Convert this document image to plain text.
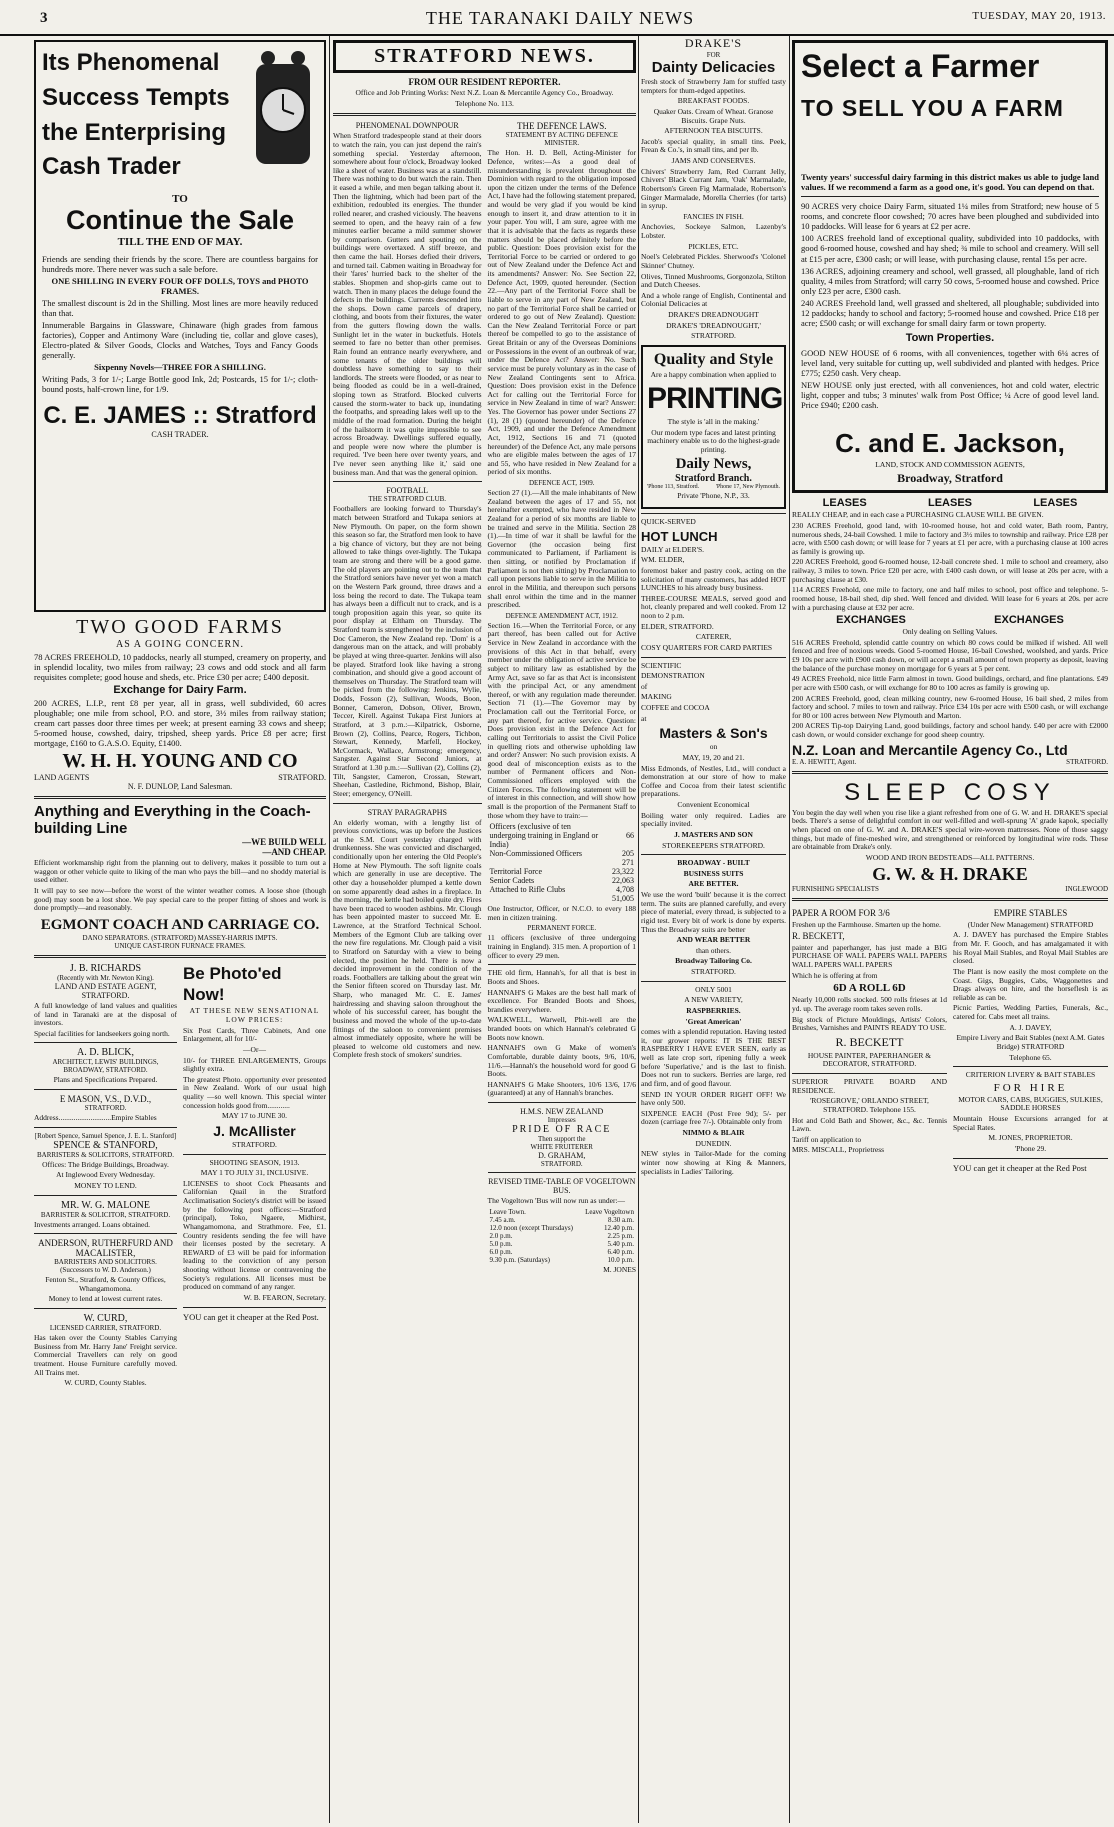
3	THE TARANAKI DAILY NEWS	TUESDAY, MAY 20, 1913.
Its Phenomenal
Success Tempts
the Enterprising
Cash Trader
TO
Continue the Sale
TILL THE END OF MAY.

Friends are sending their friends by the score. There are countless bargains for hundreds more. There never was such a sale before.

ONE SHILLING IN EVERY FOUR OFF DOLLS, TOYS and PHOTO FRAMES.

The smallest discount is 2d in the Shilling. Most lines are more heavily reduced than that.

Innumerable Bargains in Glassware, Chinaware (high grades from famous factories), Copper and Antimony Ware (including tie, collar and glove cases), Electro-plated & Silver Goods, Clocks and Watches, Toys and Fancy Goods generally.

Sixpenny Novels—THREE FOR A SHILLING.

Writing Pads, 3 for 1/-; Large Bottle good Ink, 2d; Postcards, 15 for 1/-; cloth-bound posts, half-crown line, for 1/9.

C. E. JAMES :: Stratford
CASH TRADER.
TWO GOOD FARMS
AS A GOING CONCERN.

78 ACRES FREEHOLD, 10 paddocks, nearly all stumped, creamery on property, and in splendid locality, two miles from railway; 23 cows and odd stock and all farm requisites complete; good house and sheds, etc. Price £30 per acre; £400 deposit.

Exchange for Dairy Farm.

200 ACRES, L.I.P., rent £8 per year, all in grass, well subdivided, 60 acres ploughable; one mile from school, P.O. and store, 3½ miles from railway station; cream cart passes door three times per week; at present earning 33 cows and sheep; 5-roomed house, cowshed, dairy, tripshed, sheep yards. Price £8 per acre; first mortgage, £160 to G.A.S.O. Equity, £1400.

W. H. H. YOUNG AND CO
LAND AGENTS	STRATFORD.
N. F. DUNLOP, Land Salesman.
Anything and Everything in the Coach-building Line
—WE BUILD WELL
—AND CHEAP.

Efficient workmanship right from the planning out to delivery, makes it possible to turn out a waggon or other vehicle quite to liking of the man who pays the bill—and no shoddy material is used either.

It will pay to see now—before the worst of the winter weather comes. A loose shoe (though good) may soon be a lost shoe. We pay special care to the proper fitting of shoes and work is done promptly—and reasonably.

EGMONT COACH AND CARRIAGE CO.
DANO SEPARATORS. (STRATFORD) MASSEY-HARRIS IMPTS.
UNIQUE CAST-IRON FURNACE FRAMES.
J. B. RICHARDS
(Recently with Mr. Newton King).
LAND AND ESTATE AGENT, STRATFORD.

A full knowledge of land values and qualities of land in Taranaki are at the disposal of investors.

Special facilities for landseekers going north.

A. D. BLICK,
ARCHITECT, LEWIS' BUILDINGS, BROADWAY, STRATFORD.

Plans and Specifications Prepared.

E MASON, V.S., D.V.D.,
STRATFORD.

Address............................Empire Stables

[Robert Spence, Samuel Spence, J. E. L. Stanford]
SPENCE & STANFORD,
BARRISTERS & SOLICITORS, STRATFORD.

Offices: The Bridge Buildings, Broadway.

At Inglewood Every Wednesday.

MONEY TO LEND.

MR. W. G. MALONE
BARRISTER & SOLICITOR, STRATFORD.

Investments arranged. Loans obtained.

ANDERSON, RUTHERFURD AND MACALISTER,
BARRISTERS AND SOLICITORS.
(Successors to W. D. Anderson.)

Fenton St., Stratford, & County Offices, Whangamomona.

Money to lend at lowest current rates.

W. CURD,
LICENSED CARRIER, STRATFORD.

Has taken over the County Stables Carrying Business from Mr. Harry Jane' Freight service. Commercial Travellers can rely on good treatment. House Furniture carefully moved. All Trains met.

W. CURD, County Stables.

Be Photo'ed Now!

AT THESE NEW SENSATIONAL LOW PRICES:

Six Post Cards, Three Cabinets, And one Enlargement, all for 10/-

—Or—

10/- for THREE ENLARGEMENTS, Groups slightly extra.

The greatest Photo. opportunity ever presented in New Zealand. Work of our usual high quality —so well known. This special winter concession holds good from............

MAY 17 to JUNE 30.

J. McAllister

STRATFORD.

SHOOTING SEASON, 1913.

MAY 1 TO JULY 31, INCLUSIVE.

LICENSES to shoot Cock Pheasants and Californian Quail in the Stratford Acclimatisation Society's district will be issued by the following post offices:—Stratford (principal), Toko, Ngaere, Midhirst, Whangamomona, and Strathmore. Fee, £1. Country residents sending the fee will have their licenses posted by the secretary. A REWARD of £3 will be paid for information leading to the conviction of any person shooting without license or contravening the Society's regulations. All licenses must be produced on command of any ranger.

W. B. FEARON, Secretary.

YOU can get it cheaper at the Red Post.

STRATFORD NEWS.
FROM OUR RESIDENT REPORTER.

Office and Job Printing Works: Next N.Z. Loan & Mercantile Agency Co., Broadway.

Telephone No. 113.

PHENOMENAL DOWNPOUR

When Stratford tradespeople stand at their doors to watch the rain, you can just depend the rain's something special. Yesterday afternoon, somewhere about four o'clock, Broadway looked like a sheet of water. Business was at a standstill. There was nothing to do but watch the rain. Then it eased a while, and men began talking about it. Then the lightning, which had been part of the exhibition, redoubled its energies. The thunder rolled nearer, and crashed viciously. The heavens seemed to open, and the heavy rain of a few minutes earlier became a mild summer shower by comparison. Gutters and spouting on the buildings were overtaxed. A stiff breeze, and then came the hail. Horses defied their drivers, and turned tail. Cabmen waiting in Broadway for their 'fares' hurried back to the shelter of the stables. Shopmen and shop-girls came out to watch. Then in many places the deluge found the defects in the buildings. Currents descended into the shops. Down came parcels of drapery, clothing, and boots from their fixtures, the water from the gutters flowing down the walls. Sunlight let in the water in bucketfuls. Hotels seemed to fare no better than other premises. Rain found an entrance nearly everywhere, and some tenants of the older buildings will doubtless have something to say to their landlords. The streets were flooded, or as near to being flooded as could be in a well-drained, sloping town as Stratford. Blocked culverts caused the storm-water to back up, inundating the footpaths, and spreading lakes well up to the middle of the road formation. During the height of the hailstorm it was quite impossible to see across Broadway. Dwellings suffered equally, and people were now where the plumber is required. 'I've been here over twenty years, and I've never seen anything like it,' said one business man. And that was the general opinion.

FOOTBALL
THE STRATFORD CLUB.

Footballers are looking forward to Thursday's match between Stratford and Tukapa seniors at New Plymouth. On paper, on the form shown this season so far, the Stratford men look to have a big chance of victory, but they are not being allowed to take things over-lightly. The Tukapa team are strong and there will be a good game. The old players are pointing out to the team that the Stratford seniors have never yet won a match on the Western Park ground, three draws and a loss being the record to date. The Tukapa team has always been a difficult nut to crack, and is a tough proposition again this year, so quite its poor display at Eltham on Thursday. The Stratford team is strengthened by the inclusion of Doc Cameron, the New Zealand rep. 'Dom' is a dangerous man on the attack, and will probably be played at wing three-quarter. Jenkins will also be played. Stratford look like having a strong combination, and should give a good account of themselves on Thursday. The Stratford team will be picked from the following: Jenkins, Wylie, Dodds, Fosson (2), Sullivan, Woods, Boon, Bonner, Cameron, Dobson, Oliver, Brown, Teccer, Kirell. Against Tukapa First Juniors at Stratford, at 3 p.m.:—Kilpatrick, Osborne, Brown (2), Collins, Pearce, Rogers, Tichbon, Stewart, Kennedy, Marfell, Hockey, McCormack, Wallace, Armstrong; emergency, Sangster. Against Star Second Juniors, at Stratford at 1.30 p.m.:—Sullivan (2), Collins (2), Tilt, Sangster, Cameron, Crossan, Stewart, Sheehan, Castledine, Richmond, Bishop, Blair, Steer; emergency, O'Neill.

STRAY PARAGRAPHS

An elderly woman, with a lengthy list of previous convictions, was up before the Justices at the S.M. Court yesterday charged with drunkenness. She was convicted and discharged, conditionally upon her entering the Old People's Home at New Plymouth. The soft lignite coals which are generally in use are deceptive. The other day a householder plumped a kettle down on some apparently dead ashes in a fireplace. In the morning, the kettle had boiled quite dry. Fires have been traced to wooden ashbins. Mr. Clough has been appointed master to succeed Mr. E. Lawrence, at the Stratford Technical School. Members of the Egmont Club are talking over the new fire regulations. Mr. Clough paid a visit to Stratford on Saturday with a view to being elected, the position he held. There is now a decided improvement in the condition of the roads. Footballers are talking about the great win the Senior fifteen scored on Thursday last. Mr. Sharp, who managed Mr. C. E. James' hairdressing and shaving saloon throughout the whole of his successful career, has bought the business and moved the whole of the up-to-date fittings of the saloon to convenient premises almost immediately opposite, where he will be pleased to welcome old customers and new. Complete fresh stock of smokers' sundries.

THE DEFENCE LAWS.
STATEMENT BY ACTING DEFENCE MINISTER.

The Hon. H. D. Bell, Acting-Minister for Defence, writes:—As a good deal of misunderstanding is prevalent throughout the Dominion with regard to the obligation imposed upon the citizen under the terms of the Defence Act, I have had the following statement prepared, and would be very glad if you would be kind enough to insert it, and draw attention to it in your paper. You will, I am sure, agree with me that it is advisable that the facts as regards these matters should be placed definitely before the public. Question: Does provision exist for the Territorial Force to be carried or ordered to go out of New Zealand under the Defence Act and its amendments? Answer: No. See Section 22, Defence Act, 1909, quoted hereunder. (Section 22.—Any part of the Territorial Force shall be liable to serve in any part of New Zealand, but no part of the Territorial Force shall be carried or ordered to go out of New Zealand). Question: Can the New Zealand Territorial Force or part thereof be compelled to go to the assistance of Great Britain or any of the Overseas Dominions or Possessions in the event of an outbreak of war, under the Defence Act? Answer: No. Such service must be purely voluntary as in the case of New Zealand Contingents sent to Africa. Question: Does provision exist in the Defence Act for calling out the Territorial Force for service in New Zealand in time of war? Answer: Yes. The Governor has power under Sections 27 (1), 28 (1) (quoted hereunder) of the Defence Act, 1909, and under the Defence Amendment Act, 1912, Sections 16 and 71 (quoted hereunder) of the Defence Act, any male persons who are eligible males between the ages of 17 and 55, who have resided in New Zealand for a period of six months.

DEFENCE ACT, 1909.

Section 27 (1).—All the male inhabitants of New Zealand between the ages of 17 and 55, not hereinafter exempted, who have resided in New Zealand for a period of six months are liable to be trained and serve in the Militia. Section 28 (1).—In time of war it shall be lawful for the Governor (the occasion being first communicated to Parliament, if Parliament is then sitting, or notified by Proclamation if Parliament is not then sitting) by Proclamation to call upon persons liable to serve in the Militia to enrol in the Militia, and thereupon such persons shall enrol within the time and in the manner prescribed.

DEFENCE AMENDMENT ACT, 1912.

Section 16.—When the Territorial Force, or any part thereof, has been called out for Active Service in New Zealand in accordance with the provisions of this Act in that behalf, every member under the obligation of active service be subject to military law as established by the Army Act, save so far as that Act is inconsistent with the principal Act, or any amendment thereof, or with any regulation made thereunder. Section 71 (1).—The Governor may by Proclamation call out the Territorial Force, or any part thereof, for active service. Question: Does provision exist in the Defence Act for calling out Territorials to assist the Civil Police in quelling riots and otherwise upholding law and order? Answer: No such provision exists. A good deal of misconception exists as to the number of Permanent officers and Non-Commissioned officers employed with the Citizen Forces. The following statement will be of interest in this connection, and will show how small is the proportion of the Permanent Staff to those whom they have to train:—

Officers (exclusive of ten undergoing training in England or India)	66
Non-Commissioned Officers	205
	271
Territorial Force	23,322
Senior Cadets	22,063
Attached to Rifle Clubs	4,708
	51,005

One Instructor, Officer, or N.C.O. to every 188 men in citizen training.

PERMANENT FORCE.

11 officers (exclusive of three undergoing training in England). 315 men. A proportion of 1 officer to every 29 men.

THE old firm, Hannah's, for all that is best in Boots and Shoes.

HANNAH'S G Makes are the best hall mark of excellence. For Branded Boots and Shoes, brandies everywhere.

WALKWELL, Warwell, Phit-well are the branded boots on which Hannah's celebrated G Boots now known.

HANNAH'S own G Make of women's Comfortable, durable dainty boots, 9/6, 10/6, 11/6.—Hannah's the household word for good G Boots.

HANNAH'S G Make Shooters, 10/6 13/6, 17/6 (guaranteed) at any of Hannah's branches.

H.M.S. NEW ZEALAND
Impresses
PRIDE OF RACE
Then support the
WHITE FRUITERER
D. GRAHAM,
STRATFORD.
REVISED TIME-TABLE OF VOGELTOWN BUS.

The Vogeltown 'Bus will now run as under:—

Leave Town.	Leave Vogeltown
7.45 a.m.	8.30 a.m.
12.0 noon (except Thursdays)	12.40 p.m.
2.0 p.m.	2.25 p.m.
5.0 p.m.	5.40 p.m.
6.0 p.m.	6.40 p.m.
9.30 p.m. (Saturdays)	10.0 p.m.

M. JONES

DRAKE'S
FOR
Dainty Delicacies

Fresh stock of Strawberry Jam for stuffed tasty tempters for thum-edged appetites.

BREAKFAST FOODS.

Quaker Oats. Cream of Wheat. Granose Biscuits. Grape Nuts.

AFTERNOON TEA BISCUITS.

Jacob's special quality, in small tins. Peek, Frean & Co.'s, in small tins, and per lb.

JAMS AND CONSERVES.

Chivers' Strawberry Jam, Red Currant Jelly, Chivers' Black Currant Jam, 'Oak' Marmalade, Robertson's Green Fig Marmalade, Robertson's Ginger Marmalade, Morella Cherries (for tarts) in syrup.

FANCIES IN FISH.

Anchovies, Sockeye Salmon, Lazenby's Lobster.

PICKLES, ETC.

Noel's Celebrated Pickles. Sherwood's 'Colonel Skinner' Chutney.

Olives, Tinned Mushrooms, Gorgonzola, Stilton and Dutch Cheeses.

And a whole range of English, Continental and Colonial Delicacies at

DRAKE'S DREADNOUGHT

DRAKE'S 'DREADNOUGHT,'

STRATFORD.

Quality and Style

Are a happy combination when applied to

PRINTING

The style is 'all in the making.'

Our modern type faces and latest printing machinery enable us to do the highest-grade printing.

Daily News,
Stratford Branch.
'Phone 113, Stratford.	'Phone 17, New Plymouth.

Private 'Phone, N.P., 33.

QUICK-SERVED

HOT LUNCH

DAILY at ELDER'S.

WM. ELDER,

foremost baker and pastry cook, acting on the solicitation of many customers, has added HOT LUNCHES to his already busy business.

THREE-COURSE MEALS, served good and hot, cleanly prepared and well cooked. From 12 noon to 2 p.m.

ELDER, STRATFORD.

CATERER,

COSY QUARTERS FOR CARD PARTIES

SCIENTIFIC

DEMONSTRATION

of

MAKING

COFFEE and COCOA

at

Masters & Son's

on

MAY, 19, 20 and 21.

Miss Edmonds, of Nestles, Ltd., will conduct a demonstration at our store of how to make Coffee and Cocoa from their latest scientific preparations.

Convenient Economical

Boiling water only required. Ladies are specially invited.

J. MASTERS AND SON

STOREKEEPERS STRATFORD.

BROADWAY - BUILT

BUSINESS SUITS

ARE BETTER.

We use the word 'built' because it is the correct term. The suits are planned carefully, and every piece of material, every thread, is subjected to a rigid test. Every bit of work is done by experts. Thus the Broadway suits are better

AND WEAR BETTER

than others.

Broadway Tailoring Co.

STRATFORD.

ONLY 5001

A NEW VARIETY,

RASPBERRIES.

'Great American'

comes with a splendid reputation. Having tested it, our grower reports: IT IS THE BEST RASPBERRY I HAVE EVER SEEN, early as well as late crop sort, ripening fully a week before 'Superlative,' and is the last to finish. Does not run to suckers. Berries are large, red and firm, and of good flavour.

SEND IN YOUR ORDER RIGHT OFF! We have only 500.

SIXPENCE EACH (Post Free 9d); 5/- per dozen (carriage free 7/-). Obtainable only from

NIMMO & BLAIR

DUNEDIN.

NEW styles in Tailor-Made for the coming winter now showing at King & Manners, specialists in Ladies' Tailoring.

Select a Farmer
TO SELL YOU A FARM

Twenty years' successful dairy farming in this district makes us able to judge land values. If we recommend a farm as a good one, it's good. You can depend on that.

90 ACRES very choice Dairy Farm, situated 1¼ miles from Stratford; new house of 5 rooms, and concrete floor cowshed; 70 acres have been ploughed and subdivided into 10 paddocks. Will lease for 6 years at £2 per acre.

100 ACRES freehold land of exceptional quality, subdivided into 10 paddocks, with good 6-roomed house, cowshed and hay shed; ¾ mile to school and creamery. Will sell at £15 per acre, £300 cash; or will lease, with purchasing clause, rental 15s per acre.

136 ACRES, adjoining creamery and school, well grassed, all ploughable, land of rich quality, 4 miles from Stratford; will carry 50 cows, 5-roomed house and cowshed. Price only £23 per acre, £300 cash.

240 ACRES Freehold land, well grassed and sheltered, all ploughable; subdivided into 12 paddocks; handy to school and factory; 5-roomed house and cowshed. Price £18 per acre; £500 cash; or will exchange for small dairy farm or town property.

Town Properties.

GOOD NEW HOUSE of 6 rooms, with all conveniences, together with 6¼ acres of level land, very suitable for cutting up, well subdivided and planted with hedges. Price £775; £250 cash. Very cheap.

NEW HOUSE only just erected, with all conveniences, hot and cold water, electric light, copper and tubs; 3 minutes' walk from Post Office; ¼ Acre of good level land. Price £940; £200 cash.

C. and E. Jackson,

LAND, STOCK AND COMMISSION AGENTS,

Broadway, Stratford
LEASES	LEASES	LEASES

REALLY CHEAP, and in each case a PURCHASING CLAUSE WILL BE GIVEN.

230 ACRES Freehold, good land, with 10-roomed house, hot and cold water, Bath room, Pantry, numerous sheds, 24-bail Cowshed. 1 mile to factory and 3½ miles to township and railway. Price £28 per acre, with £500 cash down; or will lease for 7 years at £1 per acre, with a purchasing clause at 100 acres as family is growing up.

220 ACRES Freehold, good 6-roomed house, 12-bail concrete shed. 1 mile to school and creamery, also railway, 3 miles to town. Price £20 per acre, with £400 cash down, or will lease at 20s per acre, with a purchasing clause at £30.

114 ACRES Freehold, one mile to factory, one and half miles to school, post office and telephone. 5-roomed house, 18-bail shed, dip shed. Well fenced and divided. Will lease for 6 years at 20s. per acre with a purchasing clause at £32 per acre.

EXCHANGES	EXCHANGES

Only dealing on Selling Values.

516 ACRES Freehold, splendid cattle country on which 80 cows could be milked if wished. All well fenced and free of noxious weeds. Good 5-roomed House, 16-bail Cowshed, woolshed, and yards. Price £9 10s per acre with £900 cash down, or will accept a small amount of town property as deposit, leaving the balance of the purchase money on mortgage for 6 years at 5 per cent.

49 ACRES Freehold, nice little Farm almost in town. Good buildings, orchard, and fine plantations. £49 per acre with £500 cash, or will exchange for 80 to 100 acres as family is growing up.

200 ACRES Freehold, good, clean milking country, new 6-roomed House, 16 bail shed, 2 miles from factory and school. 7 miles to town and railway. Price £34 10s per acre with £500 cash, or will exchange for 80 or 100 acres between New Plymouth and Marton.

200 ACRES Tip-top Dairying Land, good buildings, factory and school handy. £40 per acre with £2000 cash down, or would consider exchange for good sheep country.

N.Z. Loan and Mercantile Agency Co., Ltd
E. A. HEWITT, Agent.	STRATFORD.
SLEEP COSY

You begin the day well when you rise like a giant refreshed from one of G. W. and H. DRAKE'S special beds. There's a sense of delightful comfort in our well-filled and well-sprung 'A' grade kapok, specially when placed on one of G. W. and A. DRAKE'S special wire-woven mattresses. None of those saggy things, but made of fine-meshed wire, and strengthened or reinforced by longitudinal wire rods. These are obtainable from Drake's only.

WOOD AND IRON BEDSTEADS—ALL PATTERNS.

G. W. & H. DRAKE
FURNISHING SPECIALISTS	INGLEWOOD

PAPER A ROOM FOR 3/6

Freshen up the Farmhouse. Smarten up the home.

R. BECKETT,

painter and paperhanger, has just made a BIG PURCHASE OF WALL PAPERS WALL PAPERS WALL PAPERS WALL PAPERS

Which he is offering at from

6D A ROLL 6D

Nearly 10,000 rolls stocked. 500 rolls frieses at 1d yd. up. The average room takes seven rolls.

Big stock of Picture Mouldings, Artists' Colors, Brushes, Varnishes and PAINTS READY TO USE.

R. BECKETT

HOUSE PAINTER, PAPERHANGER & DECORATOR, STRATFORD.

SUPERIOR PRIVATE BOARD AND RESIDENCE.

'ROSEGROVE,' ORLANDO STREET, STRATFORD. Telephone 155.

Hot and Cold Bath and Shower, &c., &c. Tennis Lawn.

Tariff on application to

MRS. MISCALL, Proprietress

EMPIRE STABLES

(Under New Management) STRATFORD

A. J. DAVEY has purchased the Empire Stables from Mr. F. Gooch, and has amalgamated it with his Royal Mail Stables, and Royal Mail Stables are closed.

The Plant is now easily the most complete on the Coast. Gigs, Buggies, Cabs, Waggonettes and Drags always on hire, and the horseflesh is as reliable as can be.

Picnic Parties, Wedding Parties, Funerals, &c., catered for. Cabs meet all trains.

A. J. DAVEY,

Empire Livery and Bait Stables (next A.M. Gates Bridge) STRATFORD

Telephone 65.

CRITERION LIVERY & BAIT STABLES

FOR HIRE

MOTOR CARS, CABS, BUGGIES, SULKIES, SADDLE HORSES

Mountain House Excursions arranged for at Special Rates.

M. JONES, PROPRIETOR.

'Phone 29.

YOU can get it cheaper at the Red Post
